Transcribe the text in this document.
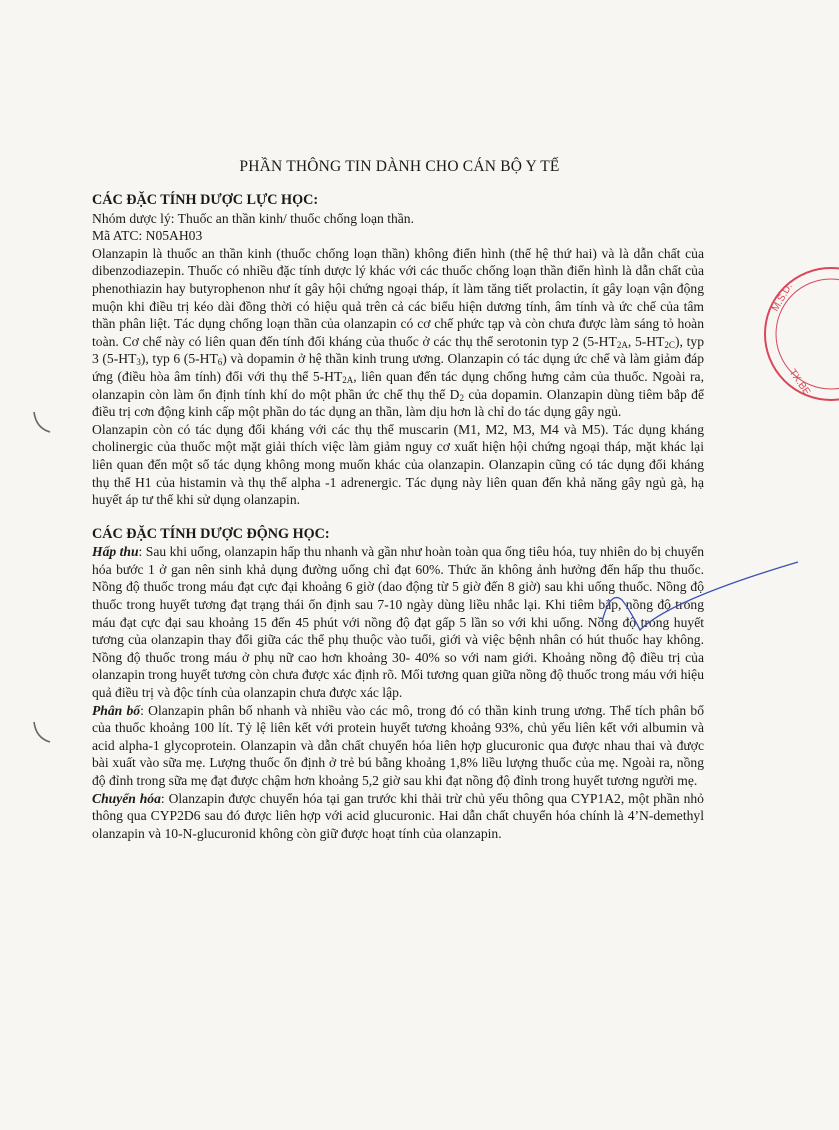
PHẦN THÔNG TIN DÀNH CHO CÁN BỘ Y TẾ

CÁC ĐẶC TÍNH DƯỢC LỰC HỌC:

Nhóm dược lý: Thuốc an thần kinh/ thuốc chống loạn thần.

Mã ATC: N05AH03

Olanzapin là thuốc an thần kinh (thuốc chống loạn thần) không điển hình (thế hệ thứ hai) và là dẫn chất của dibenzodiazepin. Thuốc có nhiều đặc tính dược lý khác với các thuốc chống loạn thần điển hình là dẫn chất của phenothiazin hay butyrophenon như ít gây hội chứng ngoại tháp, ít làm tăng tiết prolactin, ít gây loạn vận động muộn khi điều trị kéo dài đồng thời có hiệu quả trên cả các biểu hiện dương tính, âm tính và ức chế của tâm thần phân liệt. Tác dụng chống loạn thần của olanzapin có cơ chế phức tạp và còn chưa được làm sáng tỏ hoàn toàn. Cơ chế này có liên quan đến tính đối kháng của thuốc ở các thụ thể serotonin typ 2 ($5-HT_{2A}$, $5-HT_{2C}$), typ 3 $(5-HT_3)$, typ 6 $(5-HT_6)$ và dopamin ở hệ thần kinh trung ương. Olanzapin có tác dụng ức chế và làm giảm đáp ứng (điều hòa âm tính) đối với thụ thể $5-HT_{2A}$, liên quan đến tác dụng chống hưng cảm của thuốc. Ngoài ra, olanzapin còn làm ổn định tính khí do một phần ức chế thụ thể $D_2$ của dopamin. Olanzapin dùng tiêm bắp để điều trị cơn động kinh cấp một phần do tác dụng an thần, làm dịu hơn là chỉ do tác dụng gây ngủ.

Olanzapin còn có tác dụng đối kháng với các thụ thể muscarin (M1, M2, M3, M4 và M5). Tác dụng kháng cholinergic của thuốc một mặt giải thích việc làm giảm nguy cơ xuất hiện hội chứng ngoại tháp, mặt khác lại liên quan đến một số tác dụng không mong muốn khác của olanzapin. Olanzapin cũng có tác dụng đối kháng thụ thể H1 của histamin và thụ thể alpha -1 adrenergic. Tác dụng này liên quan đến khả năng gây ngủ gà, hạ huyết áp tư thế khi sử dụng olanzapin.

CÁC ĐẶC TÍNH DƯỢC ĐỘNG HỌC:

Hấp thu: Sau khi uống, olanzapin hấp thu nhanh và gần như hoàn toàn qua ống tiêu hóa, tuy nhiên do bị chuyển hóa bước 1 ở gan nên sinh khả dụng đường uống chỉ đạt 60%. Thức ăn không ảnh hưởng đến hấp thu thuốc. Nồng độ thuốc trong máu đạt cực đại khoảng 6 giờ (dao động từ 5 giờ đến 8 giờ) sau khi uống thuốc. Nồng độ thuốc trong huyết tương đạt trạng thái ổn định sau 7-10 ngày dùng liều nhắc lại. Khi tiêm bắp, nồng độ trong máu đạt cực đại sau khoảng 15 đến 45 phút với nồng độ đạt gấp 5 lần so với khi uống. Nồng độ trong huyết tương của olanzapin thay đổi giữa các thể phụ thuộc vào tuổi, giới và việc bệnh nhân có hút thuốc hay không. Nồng độ thuốc trong máu ở phụ nữ cao hơn khoảng 30- 40% so với nam giới. Khoảng nồng độ điều trị của olanzapin trong huyết tương còn chưa được xác định rõ. Mối tương quan giữa nồng độ thuốc trong máu với hiệu quả điều trị và độc tính của olanzapin chưa được xác lập.

Phân bố: Olanzapin phân bố nhanh và nhiều vào các mô, trong đó có thần kinh trung ương. Thể tích phân bố của thuốc khoảng 100 lít. Tỷ lệ liên kết với protein huyết tương khoảng 93%, chủ yếu liên kết với albumin và acid alpha-1 glycoprotein. Olanzapin và dẫn chất chuyển hóa liên hợp glucuronic qua được nhau thai và được bài xuất vào sữa mẹ. Lượng thuốc ổn định ở trẻ bú bằng khoảng 1,8% liều lượng thuốc của mẹ. Ngoài ra, nồng độ đỉnh trong sữa mẹ đạt được chậm hơn khoảng 5,2 giờ sau khi đạt nồng độ đỉnh trong huyết tương người mẹ.

Chuyển hóa: Olanzapin được chuyển hóa tại gan trước khi thải trừ chủ yếu thông qua CYP1A2, một phần nhỏ thông qua CYP2D6 sau đó được liên hợp với acid glucuronic. Hai dẫn chất chuyển hóa chính là 4’N-demethyl olanzapin và 10-N-glucuronid không còn giữ được hoạt tính của olanzapin.

M.S.D.
TX.BE
